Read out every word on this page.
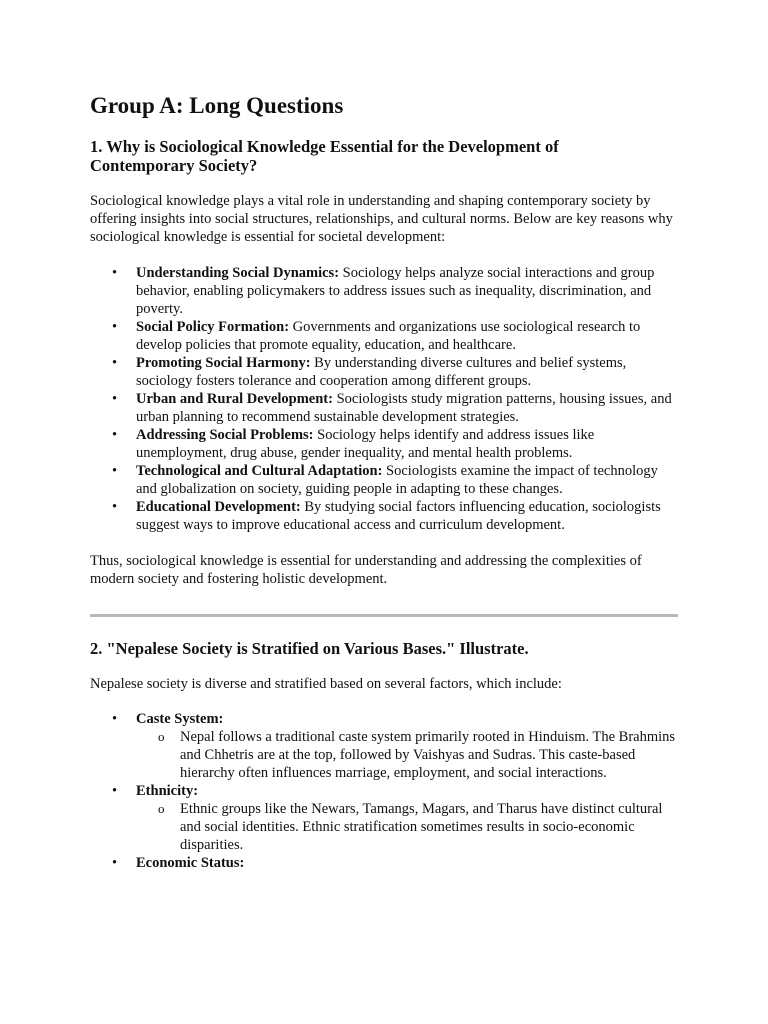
Group A: Long Questions
1. Why is Sociological Knowledge Essential for the Development of Contemporary Society?

Sociological knowledge plays a vital role in understanding and shaping contemporary society by offering insights into social structures, relationships, and cultural norms. Below are key reasons why sociological knowledge is essential for societal development:

• Understanding Social Dynamics: Sociology helps analyze social interactions and group behavior, enabling policymakers to address issues such as inequality, discrimination, and poverty.
• Social Policy Formation: Governments and organizations use sociological research to develop policies that promote equality, education, and healthcare.
• Promoting Social Harmony: By understanding diverse cultures and belief systems, sociology fosters tolerance and cooperation among different groups.
• Urban and Rural Development: Sociologists study migration patterns, housing issues, and urban planning to recommend sustainable development strategies.
• Addressing Social Problems: Sociology helps identify and address issues like unemployment, drug abuse, gender inequality, and mental health problems.
• Technological and Cultural Adaptation: Sociologists examine the impact of technology and globalization on society, guiding people in adapting to these changes.
• Educational Development: By studying social factors influencing education, sociologists suggest ways to improve educational access and curriculum development.

Thus, sociological knowledge is essential for understanding and addressing the complexities of modern society and fostering holistic development.

2. "Nepalese Society is Stratified on Various Bases." Illustrate.

Nepalese society is diverse and stratified based on several factors, which include:

• Caste System:
o Nepal follows a traditional caste system primarily rooted in Hinduism. The Brahmins and Chhetris are at the top, followed by Vaishyas and Sudras. This caste-based hierarchy often influences marriage, employment, and social interactions.
• Ethnicity:
o Ethnic groups like the Newars, Tamangs, Magars, and Tharus have distinct cultural and social identities. Ethnic stratification sometimes results in socio-economic disparities.
• Economic Status:
